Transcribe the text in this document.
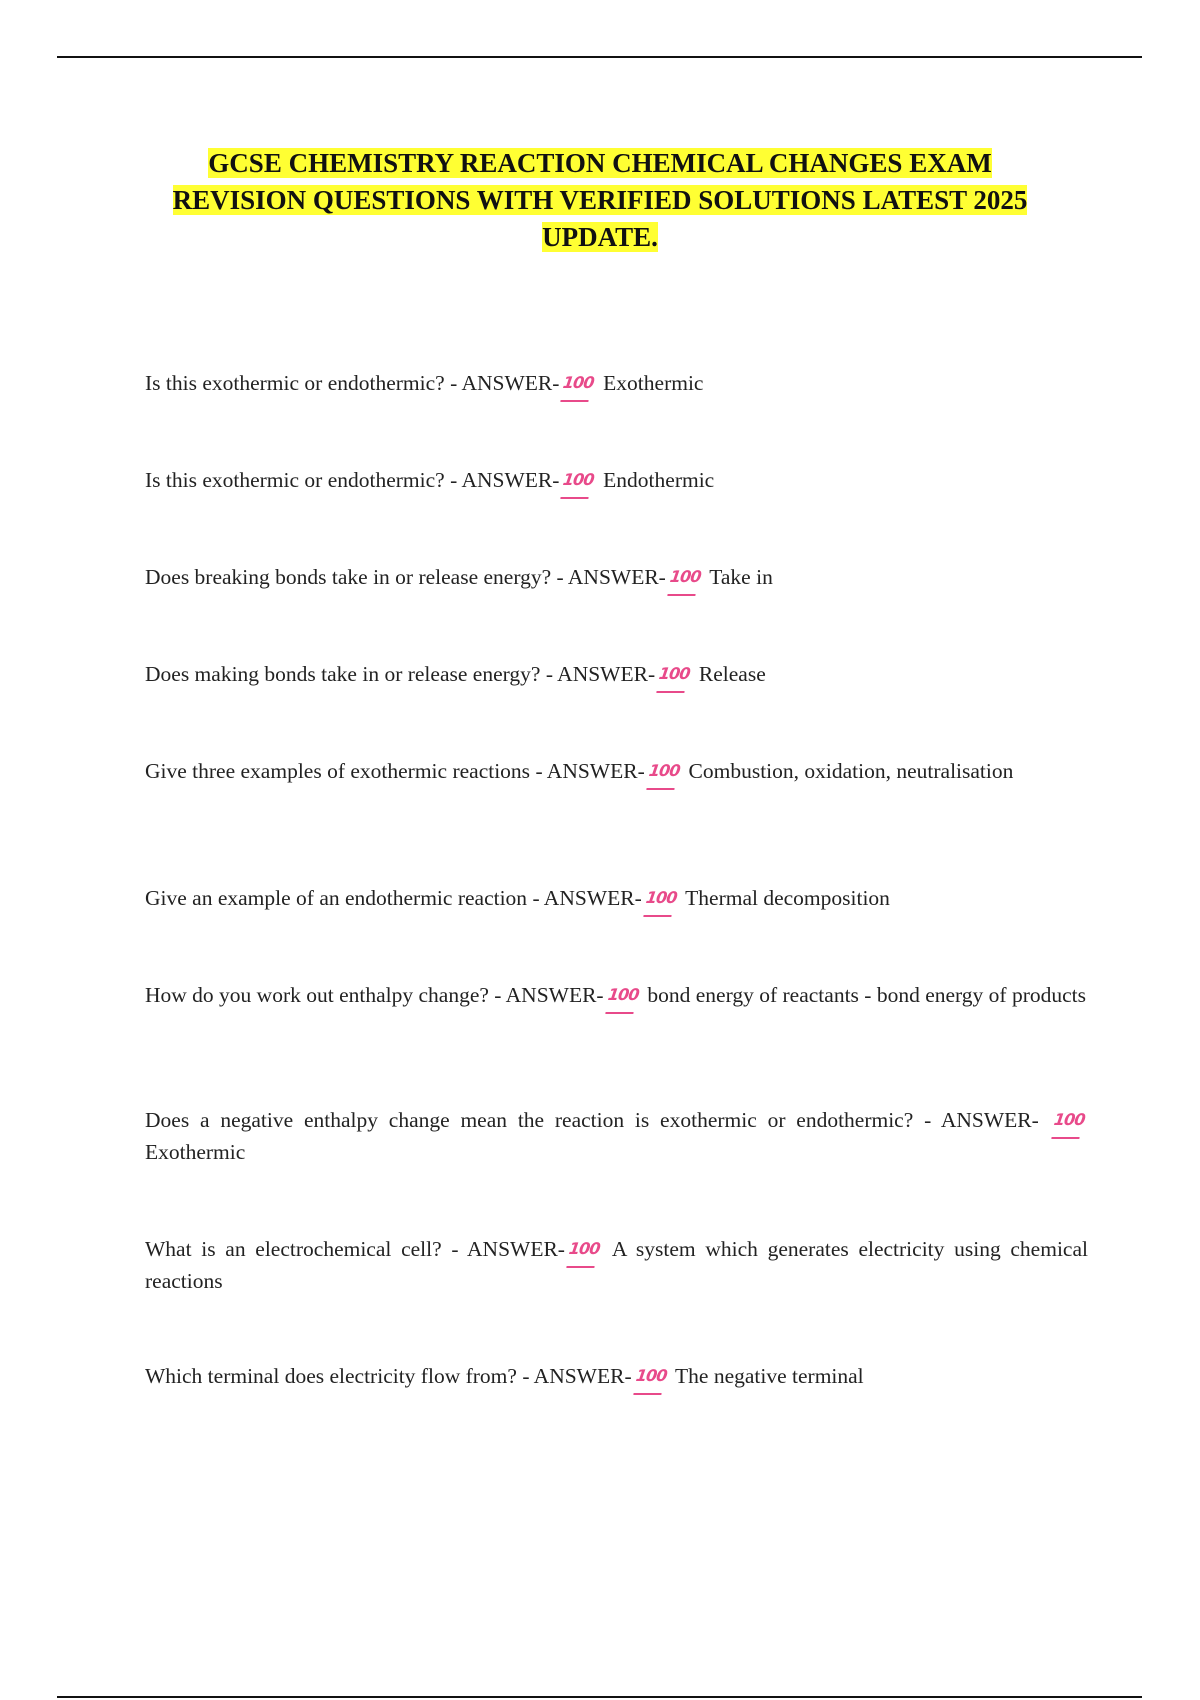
GCSE CHEMISTRY REACTION CHEMICAL CHANGES EXAM
REVISION QUESTIONS WITH VERIFIED SOLUTIONS LATEST 2025
UPDATE.
Is this exothermic or endothermic? - ANSWER- 100 Exothermic
Is this exothermic or endothermic? - ANSWER- 100 Endothermic
Does breaking bonds take in or release energy? - ANSWER- 100 Take in
Does making bonds take in or release energy? - ANSWER- 100 Release
Give three examples of exothermic reactions - ANSWER- 100 Combustion, oxidation, neutralisation
Give an example of an endothermic reaction - ANSWER- 100 Thermal decomposition
How do you work out enthalpy change? - ANSWER- 100 bond energy of reactants - bond energy of products
Does a negative enthalpy change mean the reaction is exothermic or endothermic? - ANSWER- 100 Exothermic
What is an electrochemical cell? - ANSWER- 100 A system which generates electricity using chemical reactions
Which terminal does electricity flow from? - ANSWER- 100 The negative terminal
